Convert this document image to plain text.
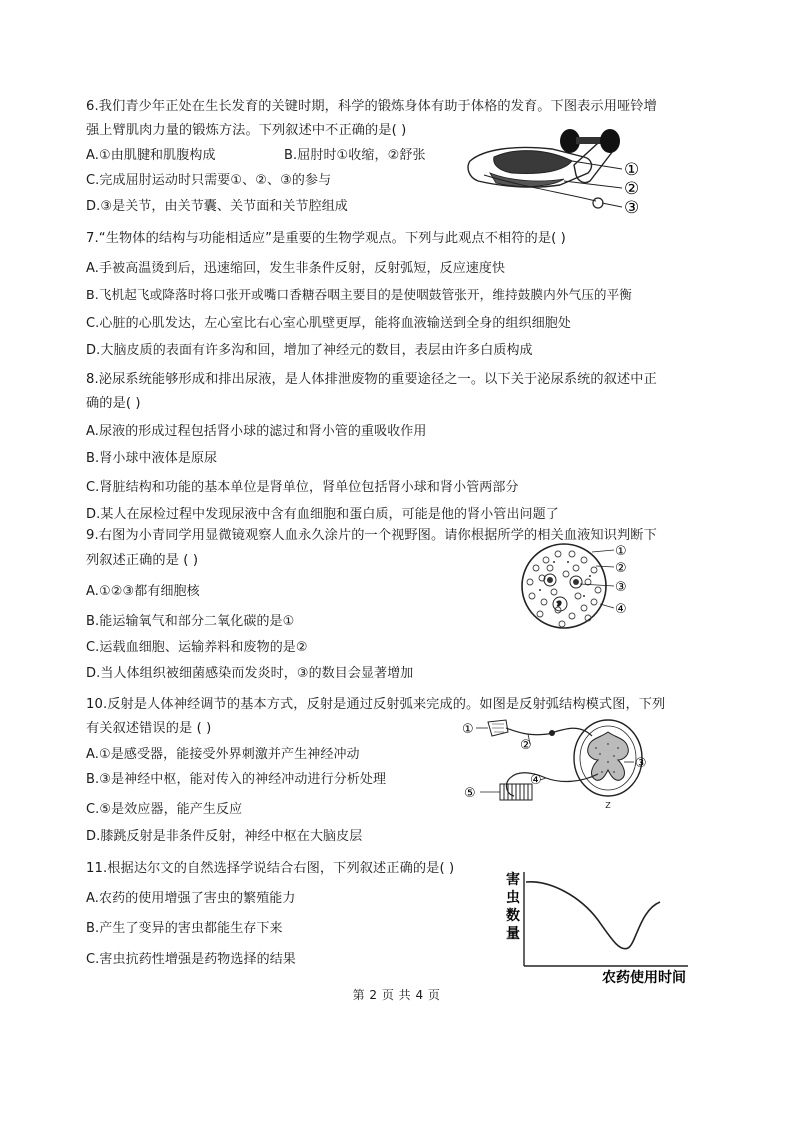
6.我们青少年正处在生长发育的关键时期，科学的锻炼身体有助于体格的发育。下图表示用哑铃增
强上臂肌肉力量的锻炼方法。下列叙述中不正确的是( )
A.①由肌腱和肌腹构成	B.屈肘时①收缩，②舒张
C.完成屈肘运动时只需要①、②、③的参与
D.③是关节，由关节囊、关节面和关节腔组成
①
②
③
7.“生物体的结构与功能相适应”是重要的生物学观点。下列与此观点不相符的是( )
A.手被高温烫到后，迅速缩回，发生非条件反射，反射弧短，反应速度快
B.飞机起飞或降落时将口张开或嘴口香糖吞咽主要目的是使咽鼓管张开，维持鼓膜内外气压的平衡
C.心脏的心肌发达，左心室比右心室心肌壁更厚，能将血液输送到全身的组织细胞处
D.大脑皮质的表面有许多沟和回，增加了神经元的数目，表层由许多白质构成
8.泌尿系统能够形成和排出尿液，是人体排泄废物的重要途径之一。以下关于泌尿系统的叙述中正
确的是( )
A.尿液的形成过程包括肾小球的滤过和肾小管的重吸收作用
B.肾小球中液体是原尿
C.肾脏结构和功能的基本单位是肾单位，肾单位包括肾小球和肾小管两部分
D.某人在尿检过程中发现尿液中含有血细胞和蛋白质，可能是他的肾小管出问题了
9.右图为小青同学用显微镜观察人血永久涂片的一个视野图。请你根据所学的相关血液知识判断下
列叙述正确的是 ( )
A.①②③都有细胞核
B.能运输氧气和部分二氧化碳的是①
C.运载血细胞、运输养料和废物的是②
D.当人体组织被细菌感染而发炎时，③的数目会显著增加
①
②
③
④
10.反射是人体神经调节的基本方式，反射是通过反射弧来完成的。如图是反射弧结构模式图，下列
有关叙述错误的是 ( )
A.①是感受器，能接受外界刺激并产生神经冲动
B.③是神经中枢，能对传入的神经冲动进行分析处理
C.⑤是效应器，能产生反应
D.膝跳反射是非条件反射，神经中枢在大脑皮层
Z
①
②
③
④
⑤
11.根据达尔文的自然选择学说结合右图，下列叙述正确的是( )
A.农药的使用增强了害虫的繁殖能力
B.产生了变异的害虫都能生存下来
C.害虫抗药性增强是药物选择的结果
害 虫 数 量
农药使用时间
第 2 页 共 4 页
